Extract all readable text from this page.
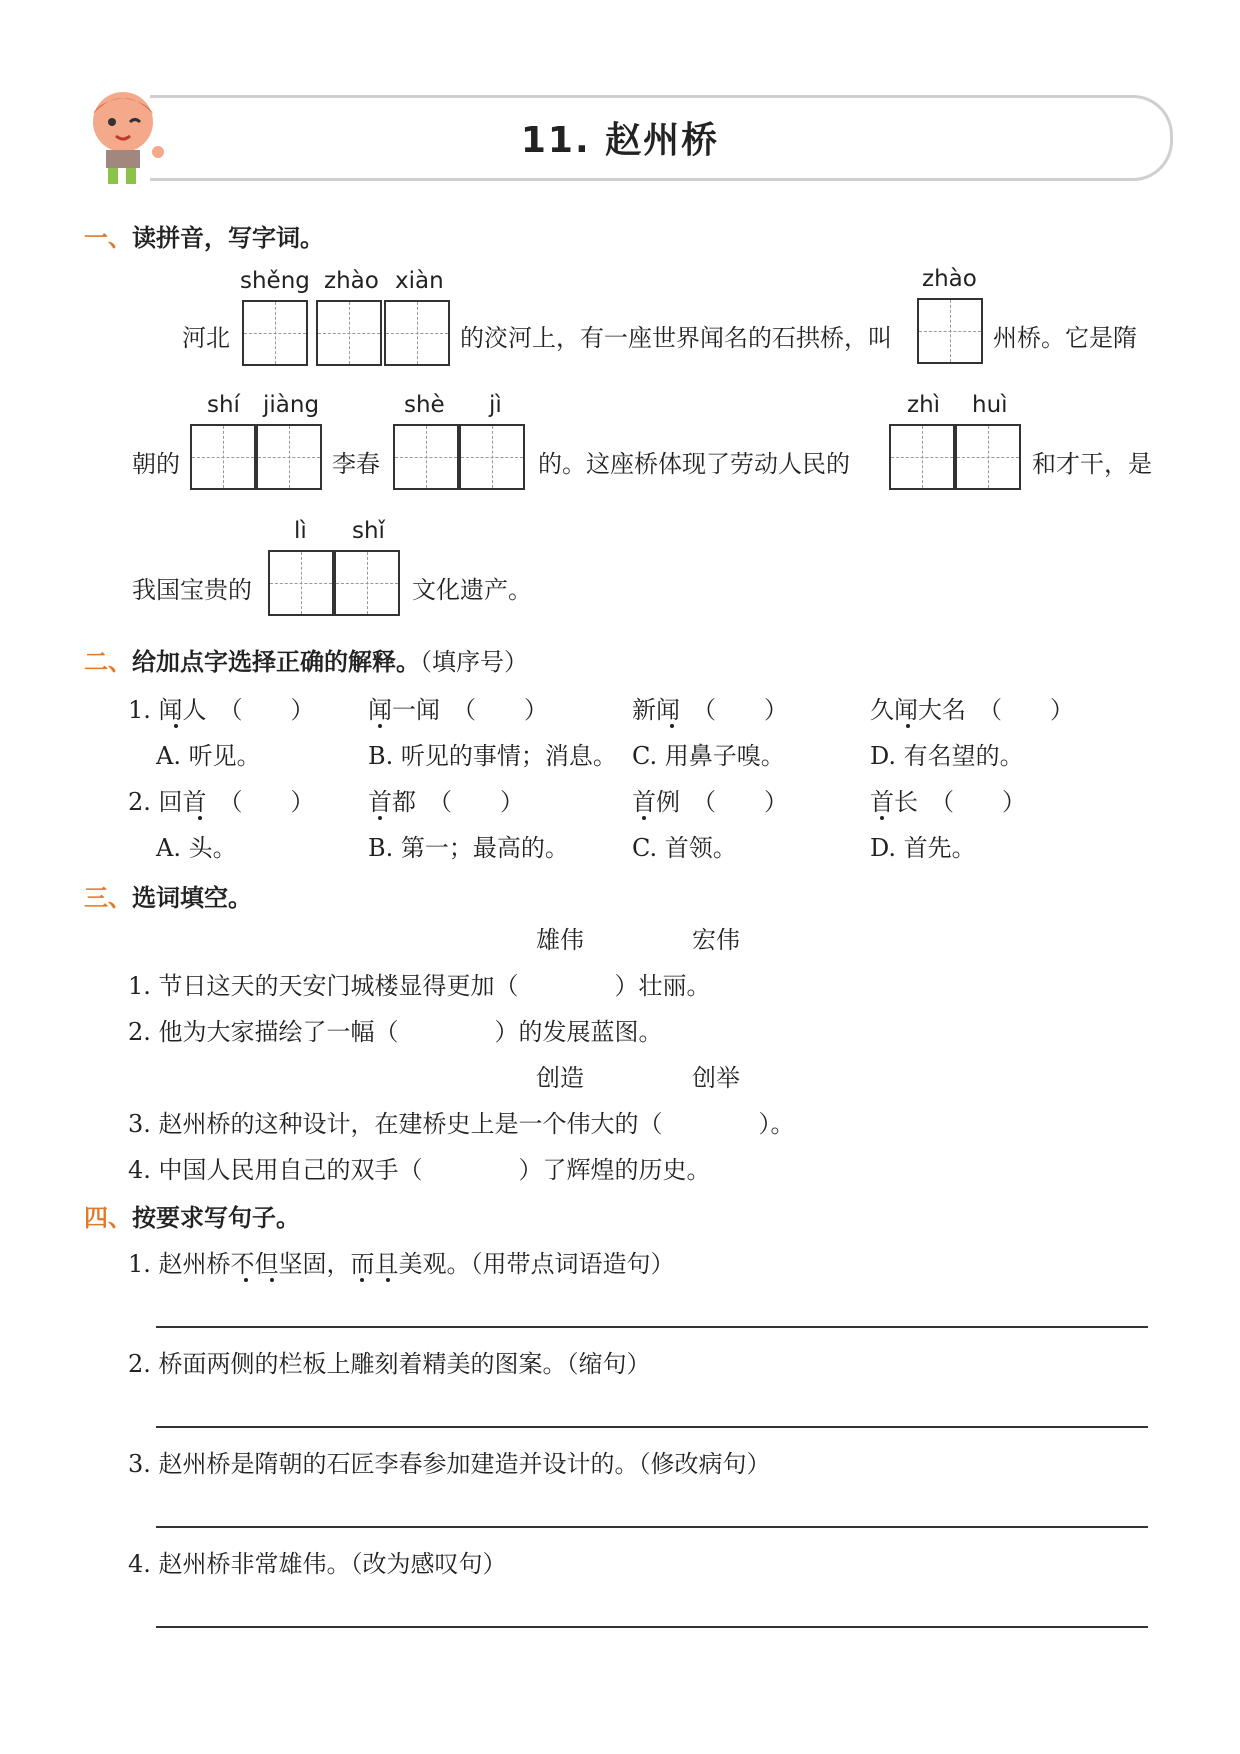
11. 赵州桥
一、读拼音，写字词。
shěng zhào xiàn	zhào
河北	的洨河上，有一座世界闻名的石拱桥，叫	州桥。它是隋
shí jiàng	shè jì	zhì huì
朝的	李春	的。这座桥体现了劳动人民的	和才干，是
lì shǐ
我国宝贵的	文化遗产。
二、给加点字选择正确的解释。（填序号）
1. 闻人　（　　） 闻一闻　（　　）	新闻　（　　）	久闻大名　（　　）
A. 听见。	B. 听见的事情；消息。 C. 用鼻子嗅。	D. 有名望的。
2. 回首　（　　） 首都　（　　）	首例　（　　）	首长　（　　）
A. 头。	B. 第一；最高的。	C. 首领。	D. 首先。
三、选词填空。
雄伟	宏伟
1. 节日这天的天安门城楼显得更加（　　　　）壮丽。
2. 他为大家描绘了一幅（　　　　）的发展蓝图。
创造	创举
3. 赵州桥的这种设计，在建桥史上是一个伟大的（　　　　）。
4. 中国人民用自己的双手（　　　　）了辉煌的历史。
四、按要求写句子。
1. 赵州桥不但坚固，而且美观。（用带点词语造句）
2. 桥面两侧的栏板上雕刻着精美的图案。（缩句）
3. 赵州桥是隋朝的石匠李春参加建造并设计的。（修改病句）
4. 赵州桥非常雄伟。（改为感叹句）
